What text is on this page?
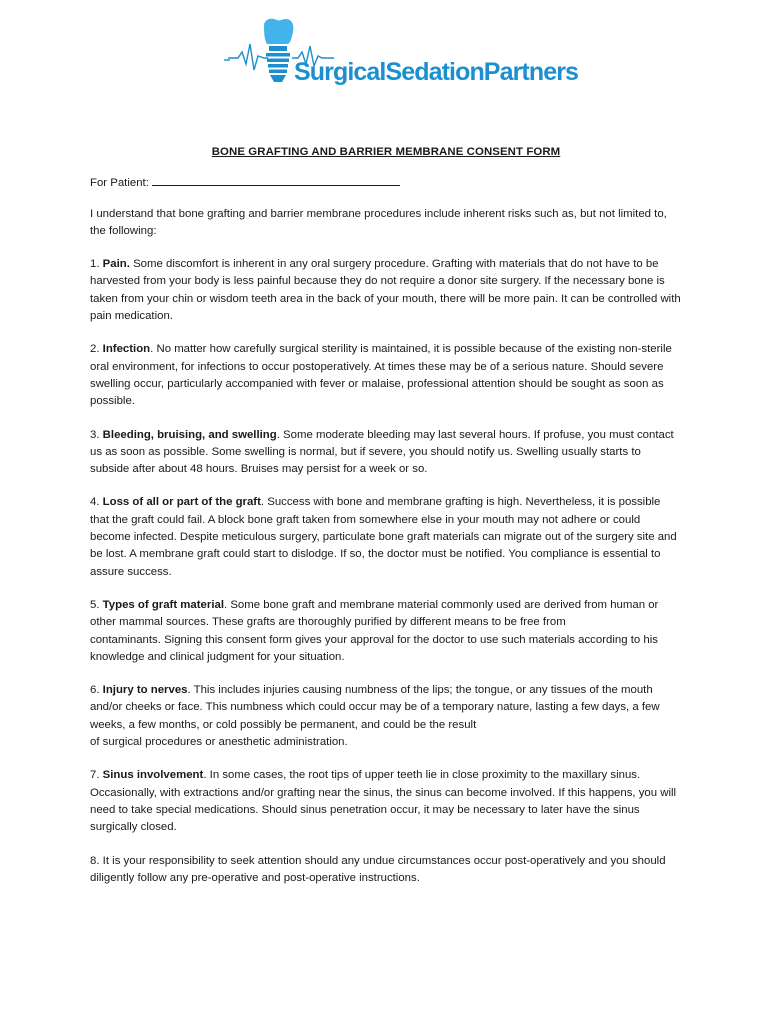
SurgicalSedationPartners
BONE GRAFTING AND BARRIER MEMBRANE CONSENT FORM
For Patient:
I understand that bone grafting and barrier membrane procedures include inherent risks such as, but not limited to, the following:
1. Pain. Some discomfort is inherent in any oral surgery procedure. Grafting with materials that do not have to be harvested from your body is less painful because they do not require a donor site surgery. If the necessary bone is taken from your chin or wisdom teeth area in the back of your mouth, there will be more pain. It can be controlled with pain medication.
2. Infection. No matter how carefully surgical sterility is maintained, it is possible because of the existing non-sterile oral environment, for infections to occur postoperatively. At times these may be of a serious nature. Should severe swelling occur, particularly accompanied with fever or malaise, professional attention should be sought as soon as possible.
3. Bleeding, bruising, and swelling. Some moderate bleeding may last several hours. If profuse, you must contact us as soon as possible. Some swelling is normal, but if severe, you should notify us. Swelling usually starts to subside after about 48 hours. Bruises may persist for a week or so.
4. Loss of all or part of the graft. Success with bone and membrane grafting is high. Nevertheless, it is possible that the graft could fail. A block bone graft taken from somewhere else in your mouth may not adhere or could become infected. Despite meticulous surgery, particulate bone graft materials can migrate out of the surgery site and be lost. A membrane graft could start to dislodge. If so, the doctor must be notified. You compliance is essential to assure success.
5. Types of graft material. Some bone graft and membrane material commonly used are derived from human or other mammal sources. These grafts are thoroughly purified by different means to be free from
contaminants. Signing this consent form gives your approval for the doctor to use such materials according to his knowledge and clinical judgment for your situation.
6. Injury to nerves. This includes injuries causing numbness of the lips; the tongue, or any tissues of the mouth and/or cheeks or face. This numbness which could occur may be of a temporary nature, lasting a few days, a few weeks, a few months, or cold possibly be permanent, and could be the result
of surgical procedures or anesthetic administration.
7. Sinus involvement. In some cases, the root tips of upper teeth lie in close proximity to the maxillary sinus. Occasionally, with extractions and/or grafting near the sinus, the sinus can become involved. If this happens, you will need to take special medications. Should sinus penetration occur, it may be necessary to later have the sinus surgically closed.
8. It is your responsibility to seek attention should any undue circumstances occur post-operatively and you should diligently follow any pre-operative and post-operative instructions.
